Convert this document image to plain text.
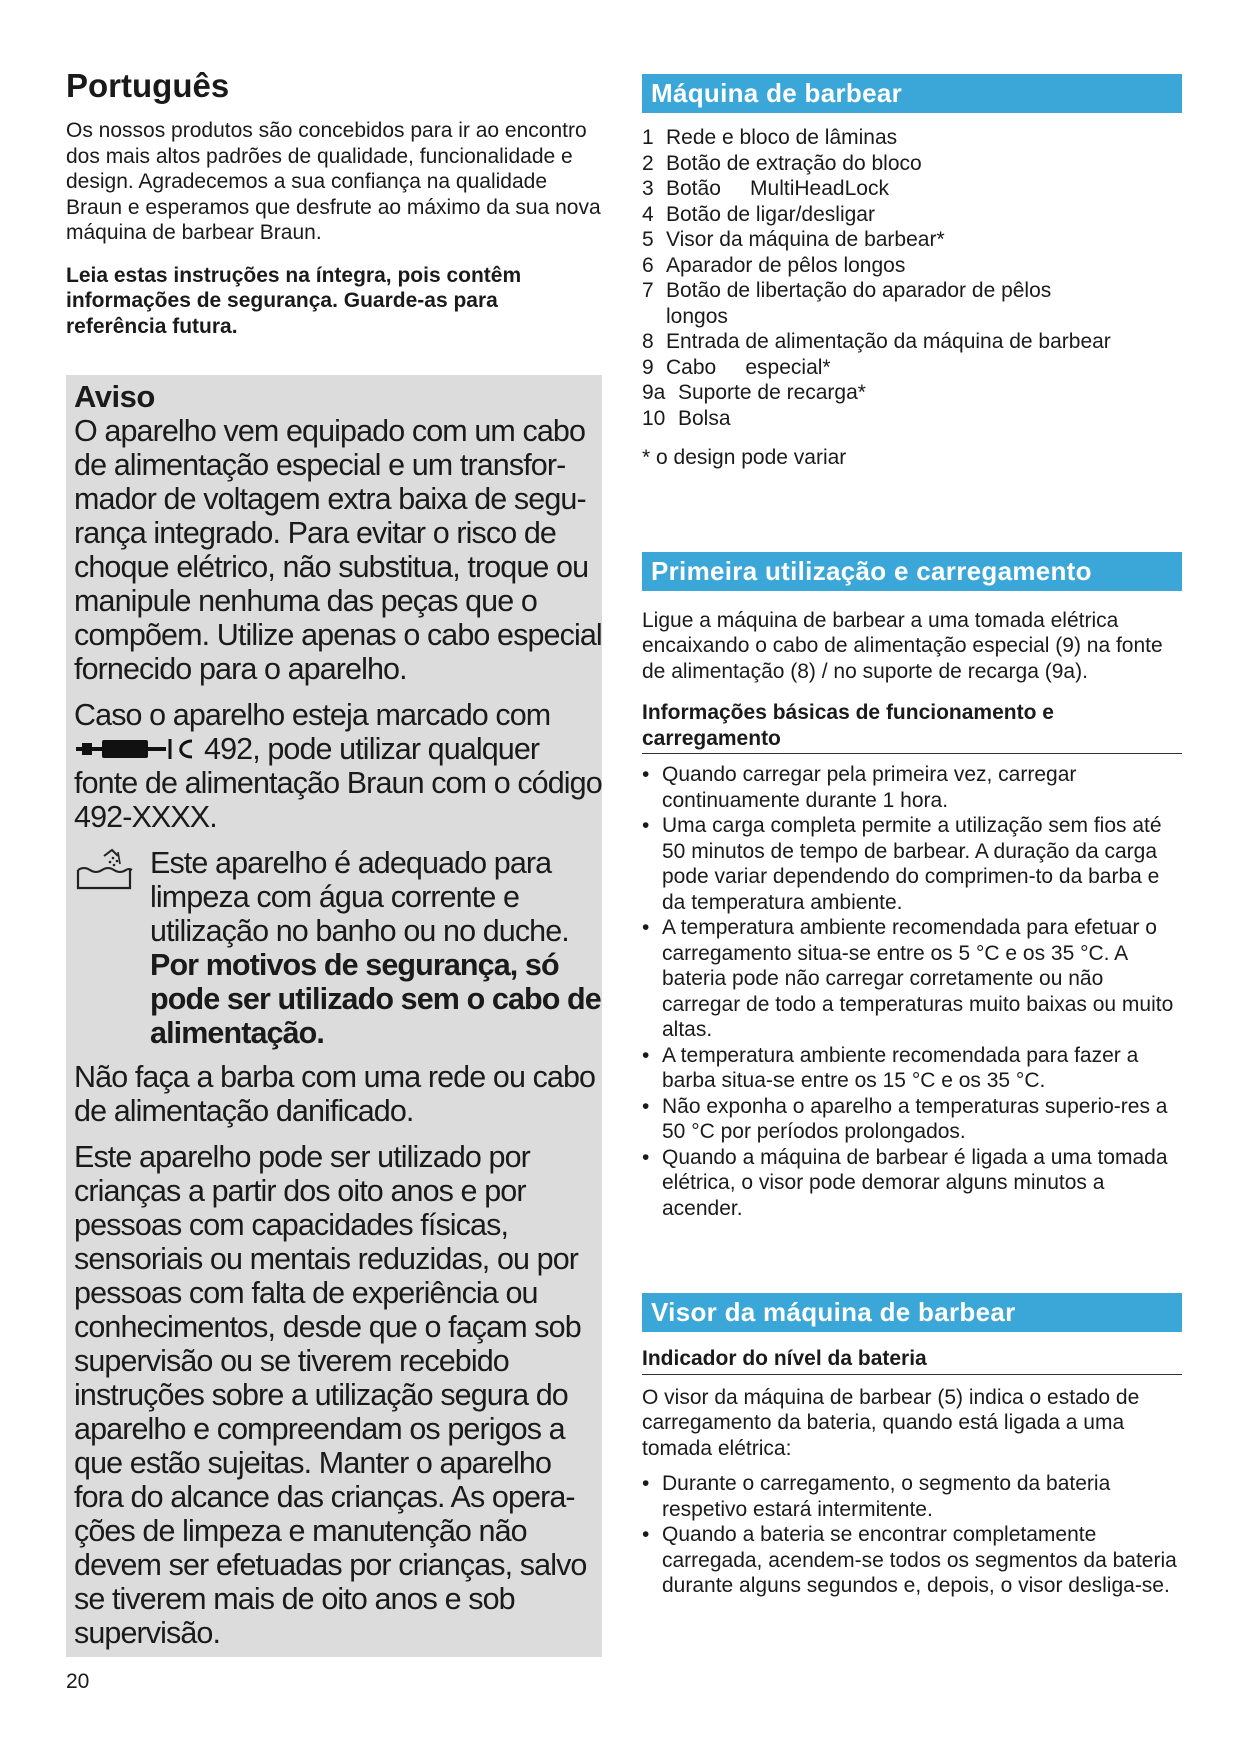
Português

Os nossos produtos são concebidos para ir ao encontro dos mais altos padrões de qualidade, funcionalidade e design. Agradecemos a sua confiança na qualidade Braun e esperamos que desfrute ao máximo da sua nova máquina de barbear Braun.

Leia estas instruções na íntegra, pois contêm informações de segurança. Guarde-as para referência futura.

Aviso

O aparelho vem equipado com um cabo de alimentação especial e um transfor-mador de voltagem extra baixa de segu-rança integrado. Para evitar o risco de choque elétrico, não substitua, troque ou manipule nenhuma das peças que o compõem. Utilize apenas o cabo especial fornecido para o aparelho.

Caso o aparelho esteja marcado com
492, pode utilizar qualquer fonte de alimentação Braun com o código 492-XXXX.

Este aparelho é adequado para limpeza com água corrente e utilização no banho ou no duche. Por motivos de segurança, só pode ser utilizado sem o cabo de alimentação.

Não faça a barba com uma rede ou cabo de alimentação danificado.

Este aparelho pode ser utilizado por crianças a partir dos oito anos e por pessoas com capacidades físicas, sensoriais ou mentais reduzidas, ou por pessoas com falta de experiência ou conhecimentos, desde que o façam sob supervisão ou se tiverem recebido instruções sobre a utilização segura do aparelho e compreendam os perigos a que estão sujeitas. Manter o aparelho fora do alcance das crianças. As opera-ções de limpeza e manutenção não devem ser efetuadas por crianças, salvo se tiverem mais de oito anos e sob supervisão.

20
Máquina de barbear
1 Rede e bloco de lâminas
2 Botão de extração do bloco
3 Botão     MultiHeadLock
4 Botão de ligar/desligar
5 Visor da máquina de barbear*
6 Aparador de pêlos longos
7 Botão de libertação do aparador de pêlos longos
8 Entrada de alimentação da máquina de barbear
9 Cabo     especial*
9a Suporte de recarga*
10 Bolsa

* o design pode variar

Primeira utilização e carregamento

Ligue a máquina de barbear a uma tomada elétrica encaixando o cabo de alimentação especial (9) na fonte de alimentação (8) / no suporte de recarga (9a).

Informações básicas de funcionamento e carregamento
• Quando carregar pela primeira vez, carregar continuamente durante 1 hora.
• Uma carga completa permite a utilização sem fios até 50 minutos de tempo de barbear. A duração da carga pode variar dependendo do comprimen-to da barba e da temperatura ambiente.
• A temperatura ambiente recomendada para efetuar o carregamento situa-se entre os 5 °C e os 35 °C. A bateria pode não carregar corretamente ou não carregar de todo a temperaturas muito baixas ou muito altas.
• A temperatura ambiente recomendada para fazer a barba situa-se entre os 15 °C e os 35 °C.
• Não exponha o aparelho a temperaturas superio-res a 50 °C por períodos prolongados.
• Quando a máquina de barbear é ligada a uma tomada elétrica, o visor pode demorar alguns minutos a acender.
Visor da máquina de barbear
Indicador do nível da bateria

O visor da máquina de barbear (5) indica o estado de carregamento da bateria, quando está ligada a uma tomada elétrica:

• Durante o carregamento, o segmento da bateria respetivo estará intermitente.
• Quando a bateria se encontrar completamente carregada, acendem-se todos os segmentos da bateria durante alguns segundos e, depois, o visor desliga-se.
